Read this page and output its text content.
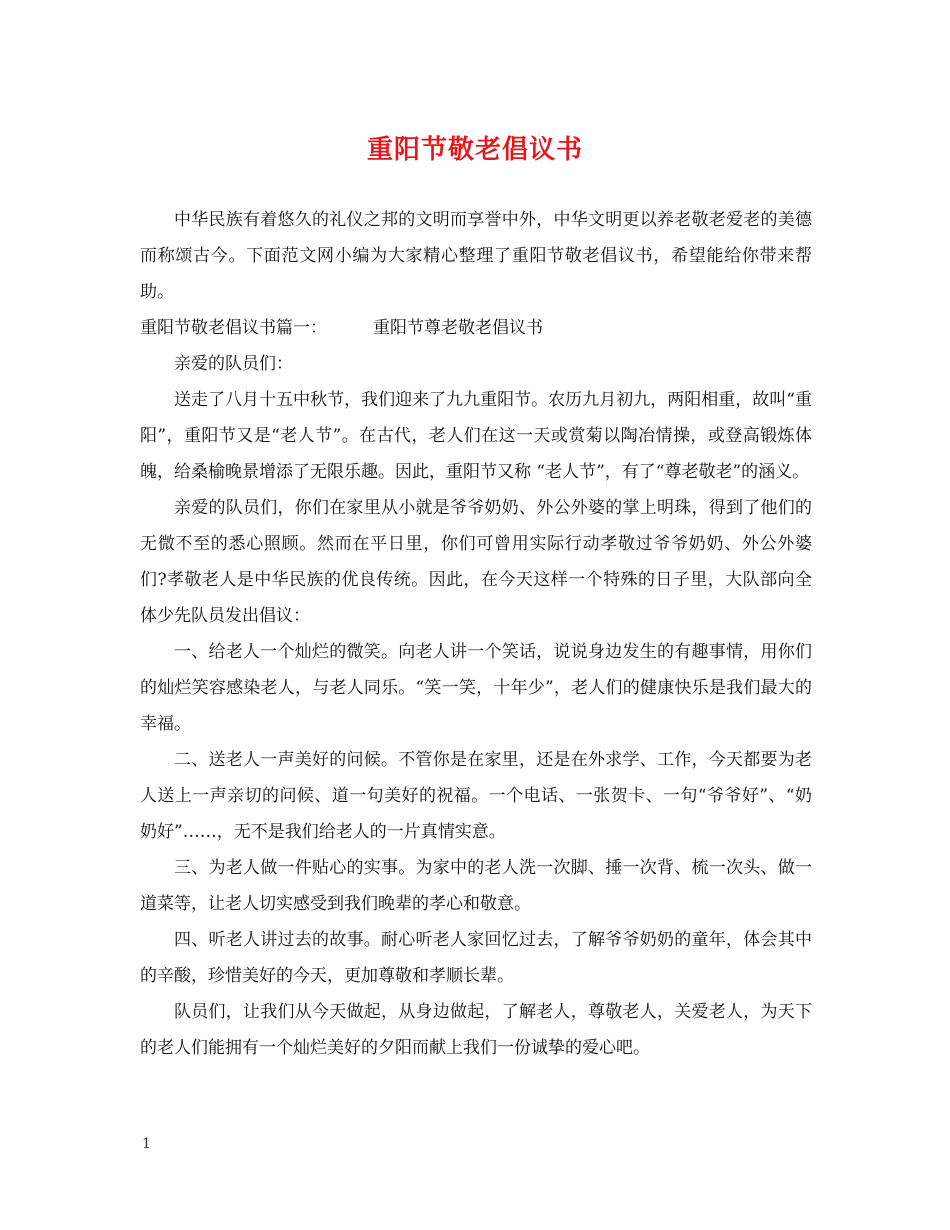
重阳节敬老倡议书

中华民族有着悠久的礼仪之邦的文明而享誉中外，中华文明更以养老敬老爱老的美德而称颂古今。下面范文网小编为大家精心整理了重阳节敬老倡议书，希望能给你带来帮助。

重阳节敬老倡议书篇一：	重阳节尊老敬老倡议书

亲爱的队员们：

送走了八月十五中秋节，我们迎来了九九重阳节。农历九月初九，两阳相重，故叫“重阳”，重阳节又是“老人节”。在古代，老人们在这一天或赏菊以陶冶情操，或登高锻炼体魄，给桑榆晚景增添了无限乐趣。因此，重阳节又称 “老人节”，有了“尊老敬老”的涵义。

亲爱的队员们，你们在家里从小就是爷爷奶奶、外公外婆的掌上明珠，得到了他们的无微不至的悉心照顾。然而在平日里，你们可曾用实际行动孝敬过爷爷奶奶、外公外婆们?孝敬老人是中华民族的优良传统。因此，在今天这样一个特殊的日子里，大队部向全体少先队员发出倡议：

一、给老人一个灿烂的微笑。向老人讲一个笑话，说说身边发生的有趣事情，用你们的灿烂笑容感染老人，与老人同乐。“笑一笑，十年少”，老人们的健康快乐是我们最大的幸福。

二、送老人一声美好的问候。不管你是在家里，还是在外求学、工作，今天都要为老人送上一声亲切的问候、道一句美好的祝福。一个电话、一张贺卡、一句“爷爷好”、“奶奶好”……，无不是我们给老人的一片真情实意。

三、为老人做一件贴心的实事。为家中的老人洗一次脚、捶一次背、梳一次头、做一道菜等，让老人切实感受到我们晚辈的孝心和敬意。

四、听老人讲过去的故事。耐心听老人家回忆过去，了解爷爷奶奶的童年，体会其中的辛酸，珍惜美好的今天，更加尊敬和孝顺长辈。

队员们，让我们从今天做起，从身边做起，了解老人，尊敬老人，关爱老人，为天下的老人们能拥有一个灿烂美好的夕阳而献上我们一份诚挚的爱心吧。

1
